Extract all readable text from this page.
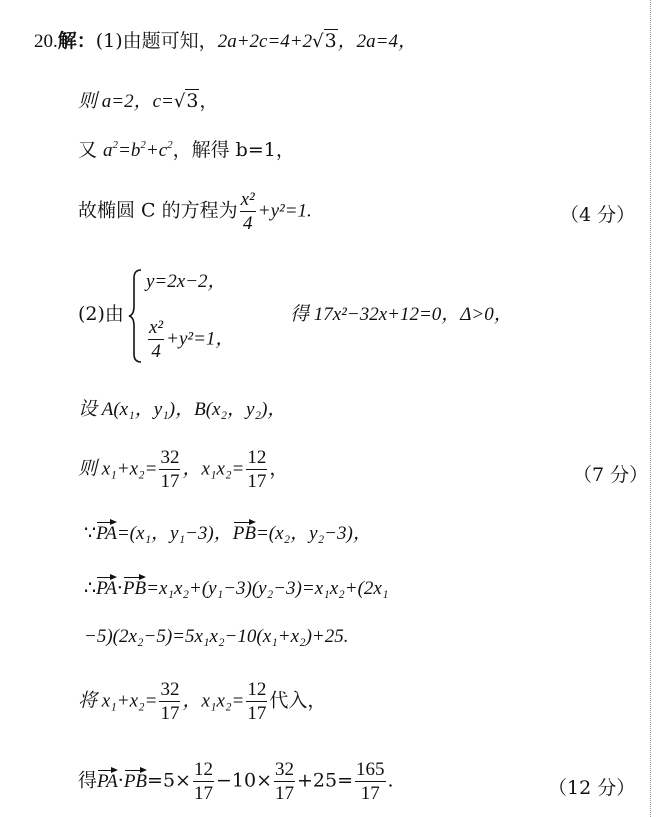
20.解：(1)由题可知，2a+2c=4+2√3，2a=4，
则 a=2，c=√3，
又 $a^2=b^2+c^2$，解得 b=1，
故椭圆 C 的方程为 $\frac{\text{x²}}{4} +y^2=1$.	（4 分）
(2)由
y=2x−2，
$\frac{\text{x²}}{4} +y^2=1$，
得 17x²−32x+12=0，Δ>0，
设 A(x₁，y₁)，B(x₂，y₂)，
则 $x_1+x_2= \frac{32}{17}$ ，$x_1x_2= \frac{12}{17}$ ，	（7 分）
∵PA=(x₁，y₁−3)，PB=(x₂，y₂−3)，
∴PA·PB=x₁x₂+(y₁−3)(y₂−3)=x₁x₂+(2x₁
−5)(2x₂−5)=5x₁x₂−10(x₁+x₂)+25.
将 $x_1+x_2= \frac{32}{17}$ ，$x_1x_2= \frac{12}{17}$ 代入，
得$PA\cdot PB=5\times \frac{12}{17} -10\times \frac{32}{17} +25= \frac{165}{17}$ .	（12 分）
